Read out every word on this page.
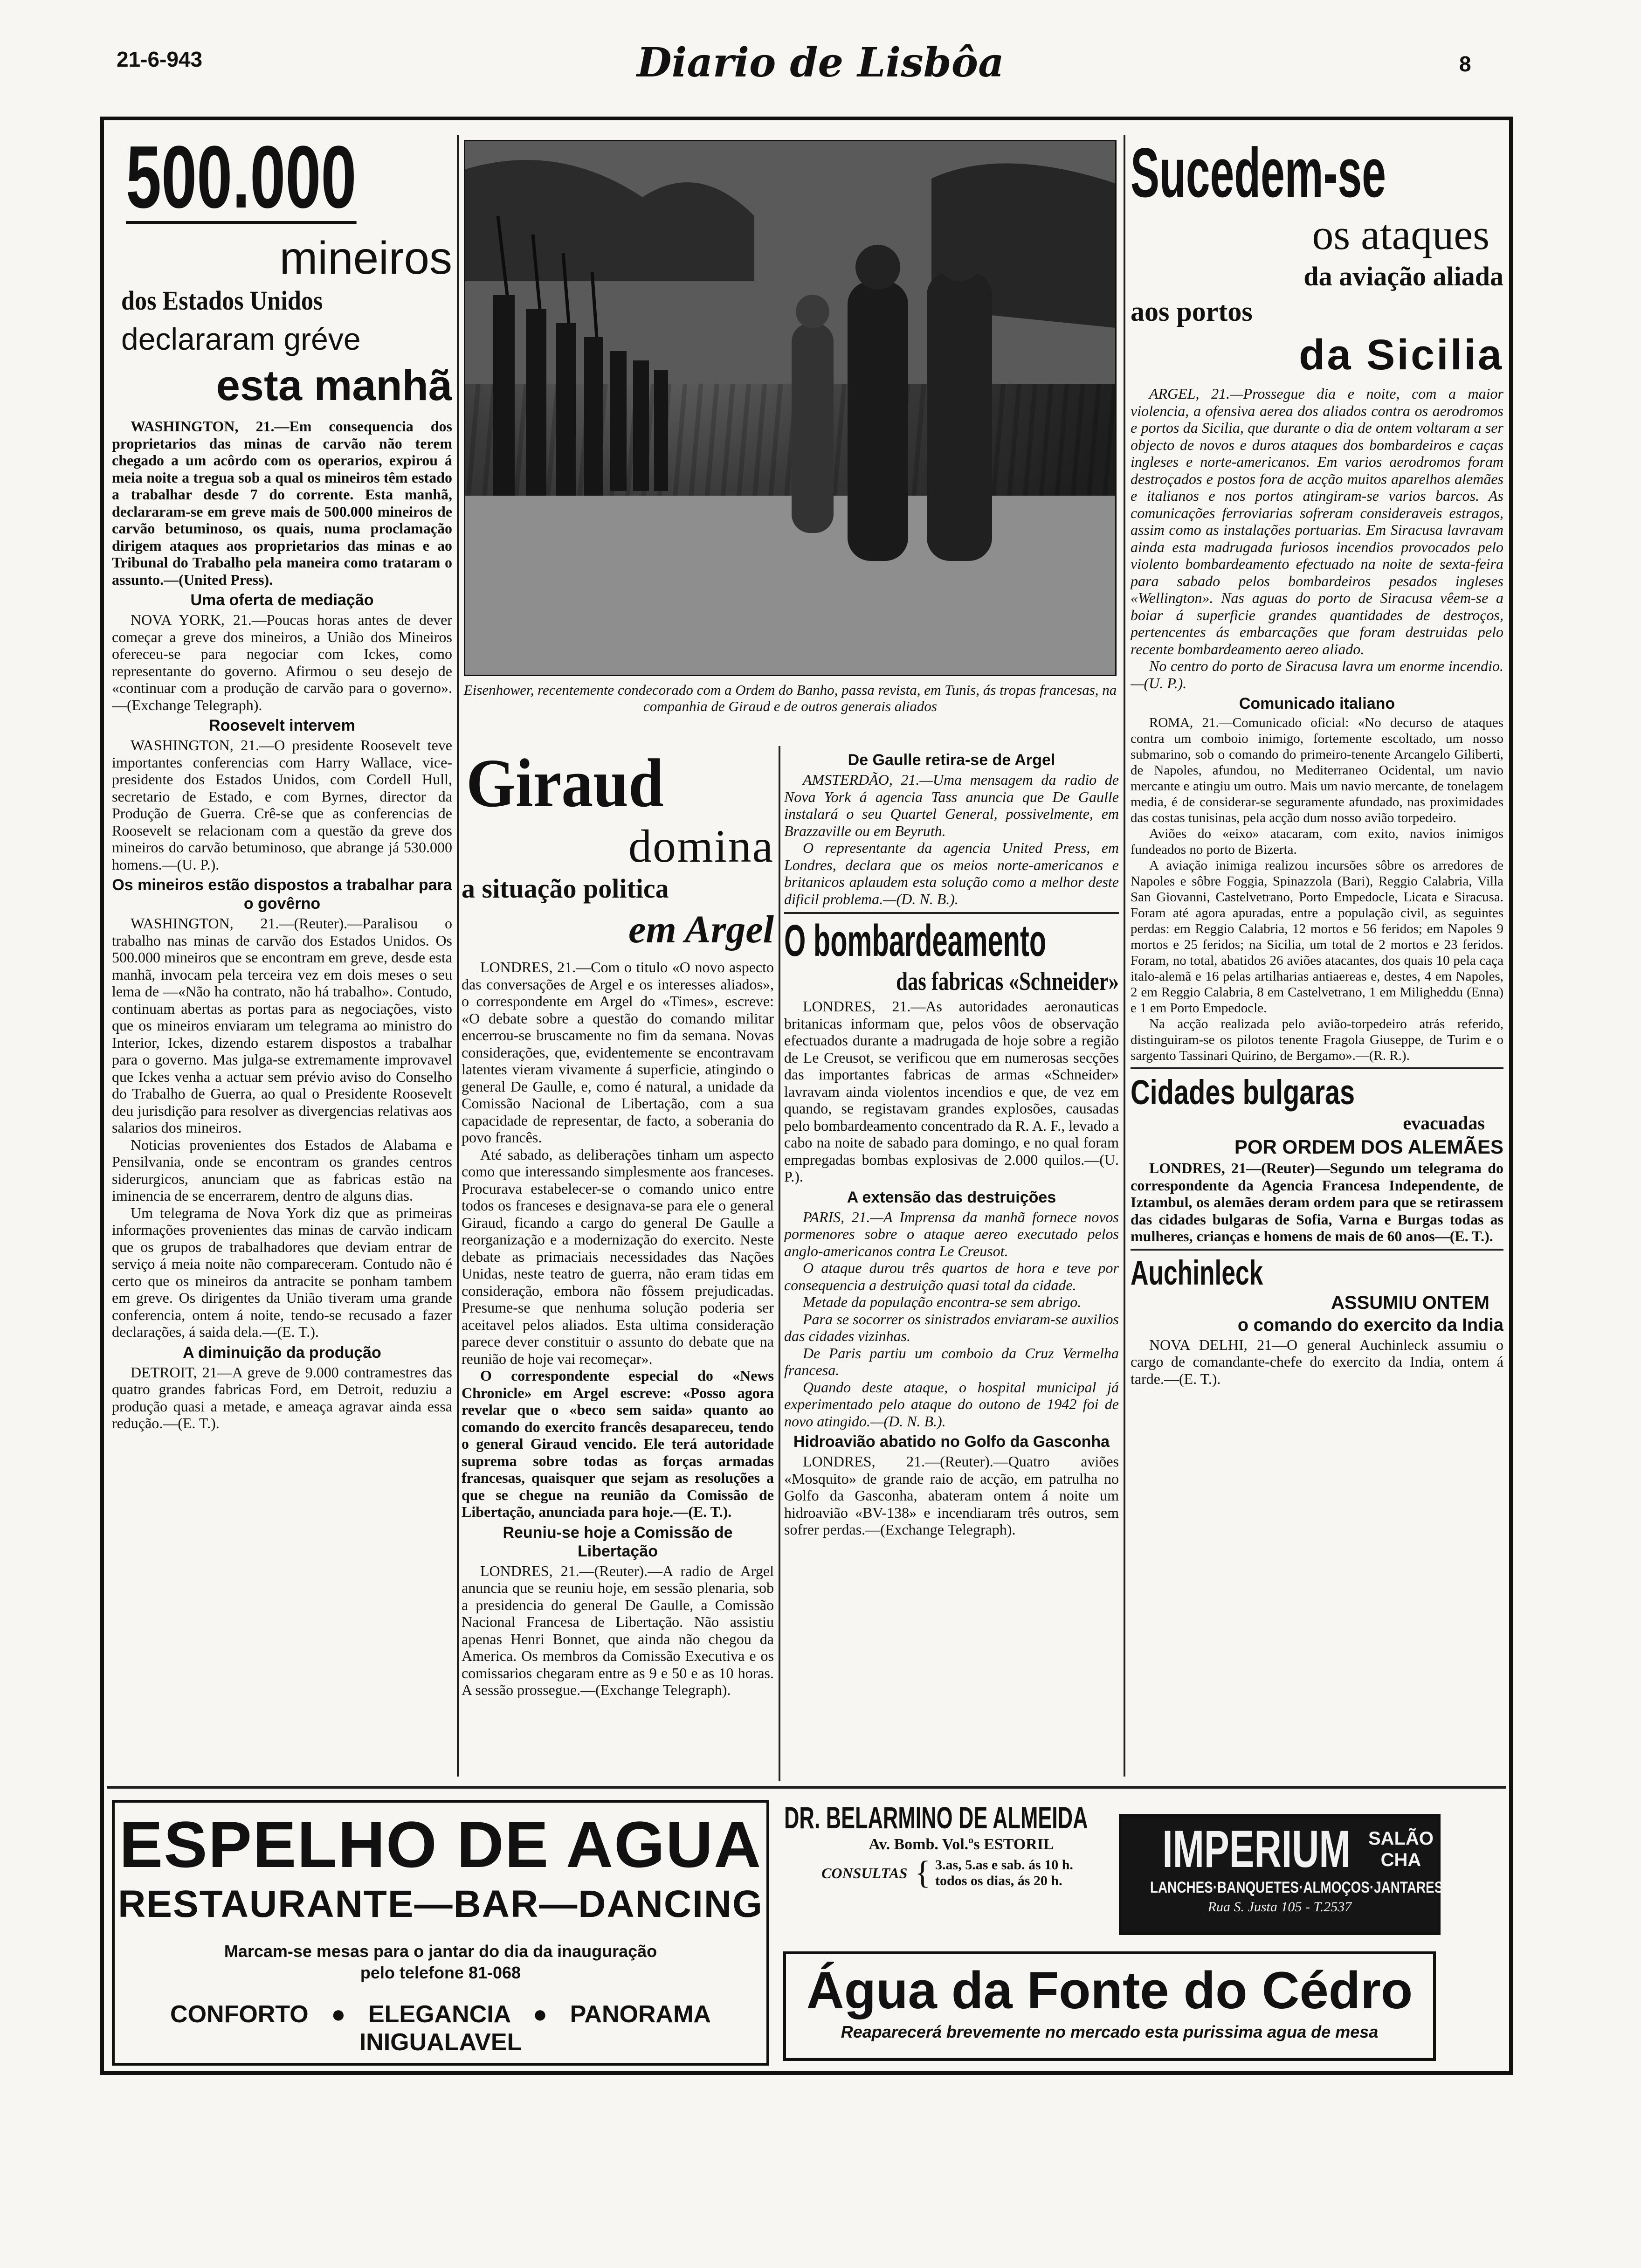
21-6-943	Diario de Lisbôa	8
500.000
mineiros
dos Estados Unidos
declararam gréve
esta manhã

WASHINGTON, 21.—Em consequencia dos proprietarios das minas de carvão não terem chegado a um acôrdo com os operarios, expirou á meia noite a tregua sob a qual os mineiros têm estado a trabalhar desde 7 do corrente. Esta manhã, declararam-se em greve mais de 500.000 mineiros de carvão betuminoso, os quais, numa proclamação dirigem ataques aos proprietarios das minas e ao Tribunal do Trabalho pela maneira como trataram o assunto.—(United Press).

Uma oferta de mediação

NOVA YORK, 21.—Poucas horas antes de dever começar a greve dos mineiros, a União dos Mineiros ofereceu-se para negociar com Ickes, como representante do governo. Afirmou o seu desejo de «continuar com a produção de carvão para o governo».—(Exchange Telegraph).

Roosevelt intervem

WASHINGTON, 21.—O presidente Roosevelt teve importantes conferencias com Harry Wallace, vice-presidente dos Estados Unidos, com Cordell Hull, secretario de Estado, e com Byrnes, director da Produção de Guerra. Crê-se que as conferencias de Roosevelt se relacionam com a questão da greve dos mineiros do carvão betuminoso, que abrange já 530.000 homens.—(U. P.).

Os mineiros estão dispostos a trabalhar para o govêrno

WASHINGTON, 21.—(Reuter).—Paralisou o trabalho nas minas de carvão dos Estados Unidos. Os 500.000 mineiros que se encontram em greve, desde esta manhã, invocam pela terceira vez em dois meses o seu lema de —«Não ha contrato, não há trabalho». Contudo, continuam abertas as portas para as negociações, visto que os mineiros enviaram um telegrama ao ministro do Interior, Ickes, dizendo estarem dispostos a trabalhar para o governo. Mas julga-se extremamente improvavel que Ickes venha a actuar sem prévio aviso do Conselho do Trabalho de Guerra, ao qual o Presidente Roosevelt deu jurisdição para resolver as divergencias relativas aos salarios dos mineiros.

Noticias provenientes dos Estados de Alabama e Pensilvania, onde se encontram os grandes centros siderurgicos, anunciam que as fabricas estão na iminencia de se encerrarem, dentro de alguns dias.

Um telegrama de Nova York diz que as primeiras informações provenientes das minas de carvão indicam que os grupos de trabalhadores que deviam entrar de serviço á meia noite não compareceram. Contudo não é certo que os mineiros da antracite se ponham tambem em greve. Os dirigentes da União tiveram uma grande conferencia, ontem á noite, tendo-se recusado a fazer declarações, á saida dela.—(E. T.).

A diminuição da produção

DETROIT, 21—A greve de 9.000 contramestres das quatro grandes fabricas Ford, em Detroit, reduziu a produção quasi a metade, e ameaça agravar ainda essa redução.—(E. T.).

Eisenhower, recentemente condecorado com a Ordem do Banho, passa revista, em Tunis, ás tropas francesas, na companhia de Giraud e de outros generais aliados
Giraud
domina
a situação politica
em Argel

LONDRES, 21.—Com o titulo «O novo aspecto das conversações de Argel e os interesses aliados», o correspondente em Argel do «Times», escreve: «O debate sobre a questão do comando militar encerrou-se bruscamente no fim da semana. Novas considerações, que, evidentemente se encontravam latentes vieram vivamente á superficie, atingindo o general De Gaulle, e, como é natural, a unidade da Comissão Nacional de Libertação, com a sua capacidade de representar, de facto, a soberania do povo francês.

Até sabado, as deliberações tinham um aspecto como que interessando simplesmente aos franceses. Procurava estabelecer-se o comando unico entre todos os franceses e designava-se para ele o general Giraud, ficando a cargo do general De Gaulle a reorganização e a modernização do exercito. Neste debate as primaciais necessidades das Nações Unidas, neste teatro de guerra, não eram tidas em consideração, embora não fôssem prejudicadas. Presume-se que nenhuma solução poderia ser aceitavel pelos aliados. Esta ultima consideração parece dever constituir o assunto do debate que na reunião de hoje vai recomeçar».

O correspondente especial do «News Chronicle» em Argel escreve: «Posso agora revelar que o «beco sem saida» quanto ao comando do exercito francês desapareceu, tendo o general Giraud vencido. Ele terá autoridade suprema sobre todas as forças armadas francesas, quaisquer que sejam as resoluções a que se chegue na reunião da Comissão de Libertação, anunciada para hoje.—(E. T.).

Reuniu-se hoje a Comissão de Libertação

LONDRES, 21.—(Reuter).—A radio de Argel anuncia que se reuniu hoje, em sessão plenaria, sob a presidencia do general De Gaulle, a Comissão Nacional Francesa de Libertação. Não assistiu apenas Henri Bonnet, que ainda não chegou da America. Os membros da Comissão Executiva e os comissarios chegaram entre as 9 e 50 e as 10 horas. A sessão prossegue.—(Exchange Telegraph).

De Gaulle retira-se de Argel

AMSTERDÃO, 21.—Uma mensagem da radio de Nova York á agencia Tass anuncia que De Gaulle instalará o seu Quartel General, possivelmente, em Brazzaville ou em Beyruth.

O representante da agencia United Press, em Londres, declara que os meios norte-americanos e britanicos aplaudem esta solução como a melhor deste dificil problema.—(D. N. B.).

O bombardeamento
das fabricas «Schneider»

LONDRES, 21.—As autoridades aeronauticas britanicas informam que, pelos vôos de observação efectuados durante a madrugada de hoje sobre a região de Le Creusot, se verificou que em numerosas secções das importantes fabricas de armas «Schneider» lavravam ainda violentos incendios e que, de vez em quando, se registavam grandes explosões, causadas pelo bombardeamento concentrado da R. A. F., levado a cabo na noite de sabado para domingo, e no qual foram empregadas bombas explosivas de 2.000 quilos.—(U. P.).

A extensão das destruições

PARIS, 21.—A Imprensa da manhã fornece novos pormenores sobre o ataque aereo executado pelos anglo-americanos contra Le Creusot.

O ataque durou três quartos de hora e teve por consequencia a destruição quasi total da cidade.

Metade da população encontra-se sem abrigo.

Para se socorrer os sinistrados enviaram-se auxilios das cidades vizinhas.

De Paris partiu um comboio da Cruz Vermelha francesa.

Quando deste ataque, o hospital municipal já experimentado pelo ataque do outono de 1942 foi de novo atingido.—(D. N. B.).

Hidroavião abatido no Golfo da Gasconha

LONDRES, 21.—(Reuter).—Quatro aviões «Mosquito» de grande raio de acção, em patrulha no Golfo da Gasconha, abateram ontem á noite um hidroavião «BV-138» e incendiaram três outros, sem sofrer perdas.—(Exchange Telegraph).

Sucedem-se
os ataques
da aviação aliada
aos portos
da Sicilia

ARGEL, 21.—Prossegue dia e noite, com a maior violencia, a ofensiva aerea dos aliados contra os aerodromos e portos da Sicilia, que durante o dia de ontem voltaram a ser objecto de novos e duros ataques dos bombardeiros e caças ingleses e norte-americanos. Em varios aerodromos foram destroçados e postos fora de acção muitos aparelhos alemães e italianos e nos portos atingiram-se varios barcos. As comunicações ferroviarias sofreram consideraveis estragos, assim como as instalações portuarias. Em Siracusa lavravam ainda esta madrugada furiosos incendios provocados pelo violento bombardeamento efectuado na noite de sexta-feira para sabado pelos bombardeiros pesados ingleses «Wellington». Nas aguas do porto de Siracusa vêem-se a boiar á superficie grandes quantidades de destroços, pertencentes ás embarcações que foram destruidas pelo recente bombardeamento aereo aliado.

No centro do porto de Siracusa lavra um enorme incendio.—(U. P.).

Comunicado italiano

ROMA, 21.—Comunicado oficial: «No decurso de ataques contra um comboio inimigo, fortemente escoltado, um nosso submarino, sob o comando do primeiro-tenente Arcangelo Giliberti, de Napoles, afundou, no Mediterraneo Ocidental, um navio mercante e atingiu um outro. Mais um navio mercante, de tonelagem media, é de considerar-se seguramente afundado, nas proximidades das costas tunisinas, pela acção dum nosso avião torpedeiro.

Aviões do «eixo» atacaram, com exito, navios inimigos fundeados no porto de Bizerta.

A aviação inimiga realizou incursões sôbre os arredores de Napoles e sôbre Foggia, Spinazzola (Bari), Reggio Calabria, Villa San Giovanni, Castelvetrano, Porto Empedocle, Licata e Siracusa. Foram até agora apuradas, entre a população civil, as seguintes perdas: em Reggio Calabria, 12 mortos e 56 feridos; em Napoles 9 mortos e 25 feridos; na Sicilia, um total de 2 mortos e 23 feridos. Foram, no total, abatidos 26 aviões atacantes, dos quais 10 pela caça italo-alemã e 16 pelas artilharias antiaereas e, destes, 4 em Napoles, 2 em Reggio Calabria, 8 em Castelvetrano, 1 em Miligheddu (Enna) e 1 em Porto Empedocle.

Na acção realizada pelo avião-torpedeiro atrás referido, distinguiram-se os pilotos tenente Fragola Giuseppe, de Turim e o sargento Tassinari Quirino, de Bergamo».—(R. R.).

Cidades bulgaras
evacuadas
POR ORDEM DOS ALEMÃES

LONDRES, 21—(Reuter)—Segundo um telegrama do correspondente da Agencia Francesa Independente, de Iztambul, os alemães deram ordem para que se retirassem das cidades bulgaras de Sofia, Varna e Burgas todas as mulheres, crianças e homens de mais de 60 anos—(E. T.).

Auchinleck
ASSUMIU ONTEM
o comando do exercito da India

NOVA DELHI, 21—O general Auchinleck assumiu o cargo de comandante-chefe do exercito da India, ontem á tarde.—(E. T.).

ESPELHO DE AGUA
RESTAURANTE—BAR—DANCING
Marcam-se mesas para o jantar do dia da inauguração
pelo telefone 81-068
CONFORTO ● ELEGANCIA ● PANORAMA INIGUALAVEL
DR. BELARMINO DE ALMEIDA
Av. Bomb. Vol.ºs ESTORIL
CONSULTAS { 3.as, 5.as e sab. ás 10 h.
todos os dias, ás 20 h.
IMPERIUM SALÃO
CHA
LANCHES·BANQUETES·ALMOÇOS·JANTARES
Rua S. Justa 105 - T.2537
Água da Fonte do Cédro
Reaparecerá brevemente no mercado esta purissima agua de mesa
